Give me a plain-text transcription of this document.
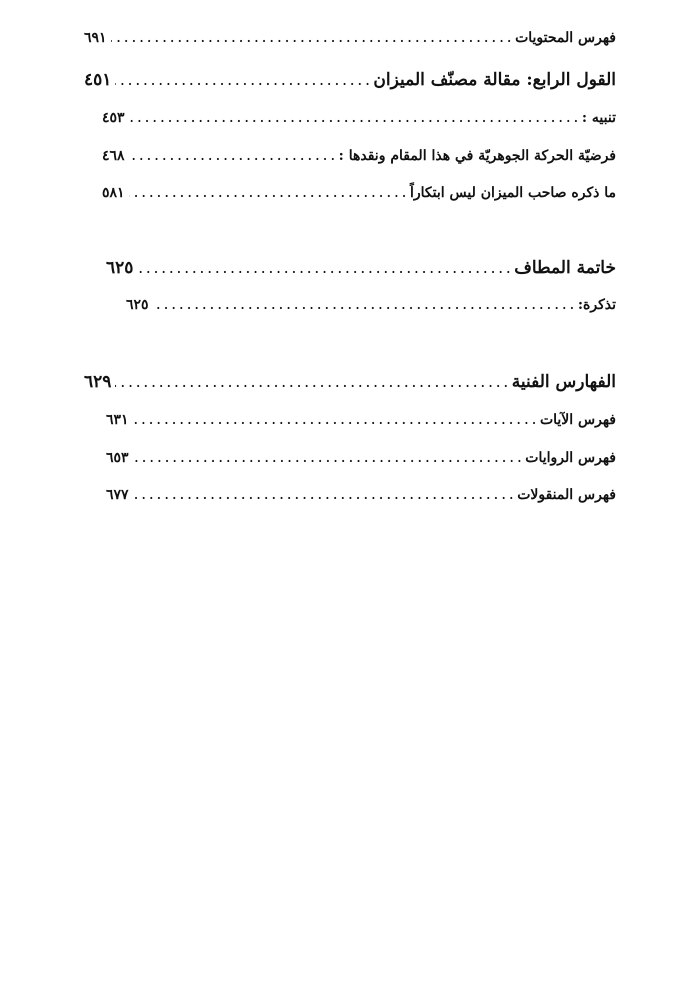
فهرس المحتويات
. . .
٦٩١
القول الرابع: مقالة مصنّف الميزان
. . .
٤٥١
تنبيه :
. . .
٤٥٣
فرضيّة الحركة الجوهريّة في هذا المقام ونقدها :
. . .
٤٦٨
ما ذكره صاحب الميزان ليس ابتكاراً
. . .
٥٨١
خاتمة المطاف
. . .
٦٢٥
تذكرة:
. . .
٦٢٥
الفهارس الفنية
. . .
٦٢٩
فهرس الآيات
. . .
٦٣١
فهرس الروايات
. . .
٦٥٣
فهرس المنقولات
. . .
٦٧٧
